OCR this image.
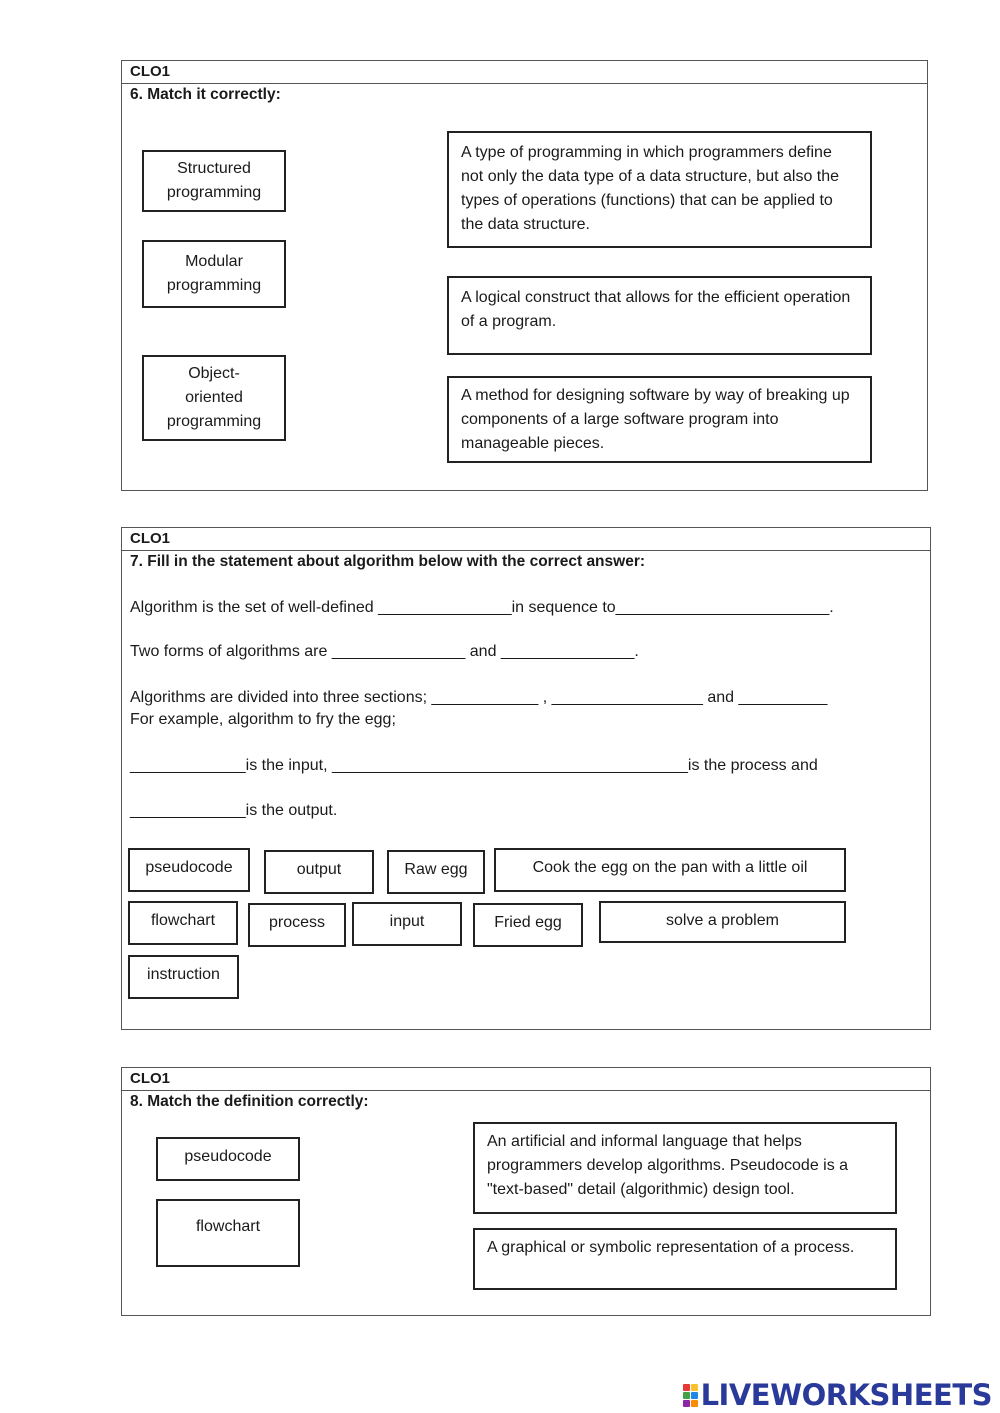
CLO1
6. Match it correctly:
Structured programming
Modular programming
Object-oriented programming
A type of programming in which programmers define not only the data type of a data structure, but also the types of operations (functions) that can be applied to the data structure.
A logical construct that allows for the efficient operation of a program.
A method for designing software by way of breaking up components of a large software program into manageable pieces.
CLO1
7. Fill in the statement about algorithm below with the correct answer:
Algorithm is the set of well-defined _______________in sequence to________________________.
Two forms of algorithms are _______________ and _______________.
Algorithms are divided into three sections; ____________ , _________________ and __________
For example, algorithm to fry the egg;
_____________is the input, ________________________________________is the process and
_____________is the output.
pseudocode	output	Raw egg	Cook the egg on the pan with a little oil
flowchart	process	input	Fried egg	solve a problem
instruction
CLO1
8. Match the definition correctly:
pseudocode
flowchart
An artificial and informal language that helps programmers develop algorithms. Pseudocode is a "text-based" detail (algorithmic) design tool.
A graphical or symbolic representation of a process.
LIVEWORKSHEETS
